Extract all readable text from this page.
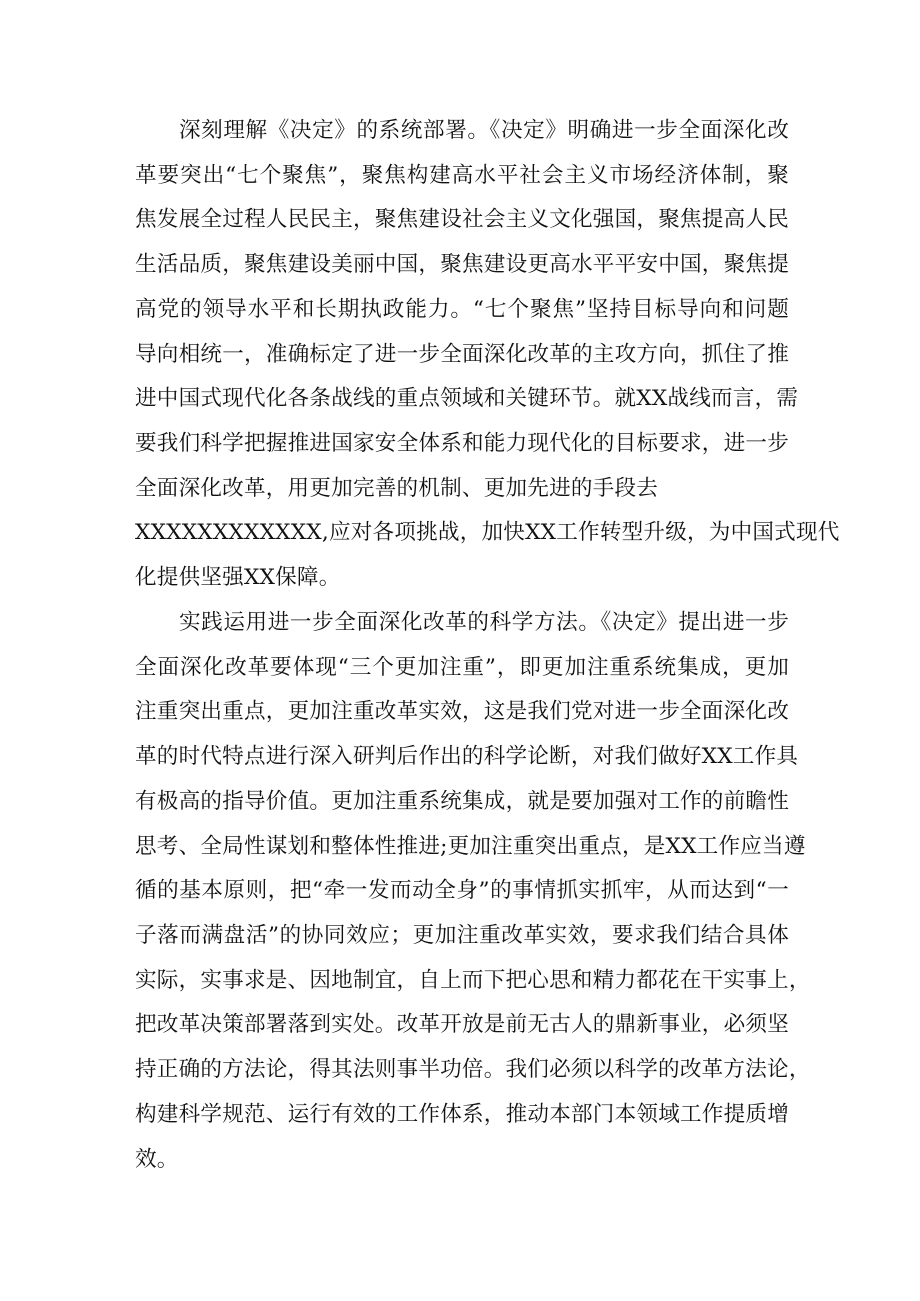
深刻理解《决定》的系统部署。《决定》明确进一步全面深化改
革要突出“七个聚焦”，聚焦构建高水平社会主义市场经济体制，聚
焦发展全过程人民民主，聚焦建设社会主义文化强国，聚焦提高人民
生活品质，聚焦建设美丽中国，聚焦建设更高水平平安中国，聚焦提
高党的领导水平和长期执政能力。“七个聚焦”坚持目标导向和问题
导向相统一，准确标定了进一步全面深化改革的主攻方向，抓住了推
进中国式现代化各条战线的重点领域和关键环节。就XX战线而言，需
要我们科学把握推进国家安全体系和能力现代化的目标要求，进一步
全面深化改革，用更加完善的机制、更加先进的手段去
XXXXXXXXXXXX,应对各项挑战，加快XX工作转型升级，为中国式现代
化提供坚强XX保障。
实践运用进一步全面深化改革的科学方法。《决定》提出进一步
全面深化改革要体现“三个更加注重”，即更加注重系统集成，更加
注重突出重点，更加注重改革实效，这是我们党对进一步全面深化改
革的时代特点进行深入研判后作出的科学论断，对我们做好XX工作具
有极高的指导价值。更加注重系统集成，就是要加强对工作的前瞻性
思考、全局性谋划和整体性推进;更加注重突出重点，是XX工作应当遵
循的基本原则，把“牵一发而动全身”的事情抓实抓牢，从而达到“一
子落而满盘活”的协同效应；更加注重改革实效，要求我们结合具体
实际，实事求是、因地制宜，自上而下把心思和精力都花在干实事上，
把改革决策部署落到实处。改革开放是前无古人的鼎新事业，必须坚
持正确的方法论，得其法则事半功倍。我们必须以科学的改革方法论，
构建科学规范、运行有效的工作体系，推动本部门本领域工作提质增
效。
